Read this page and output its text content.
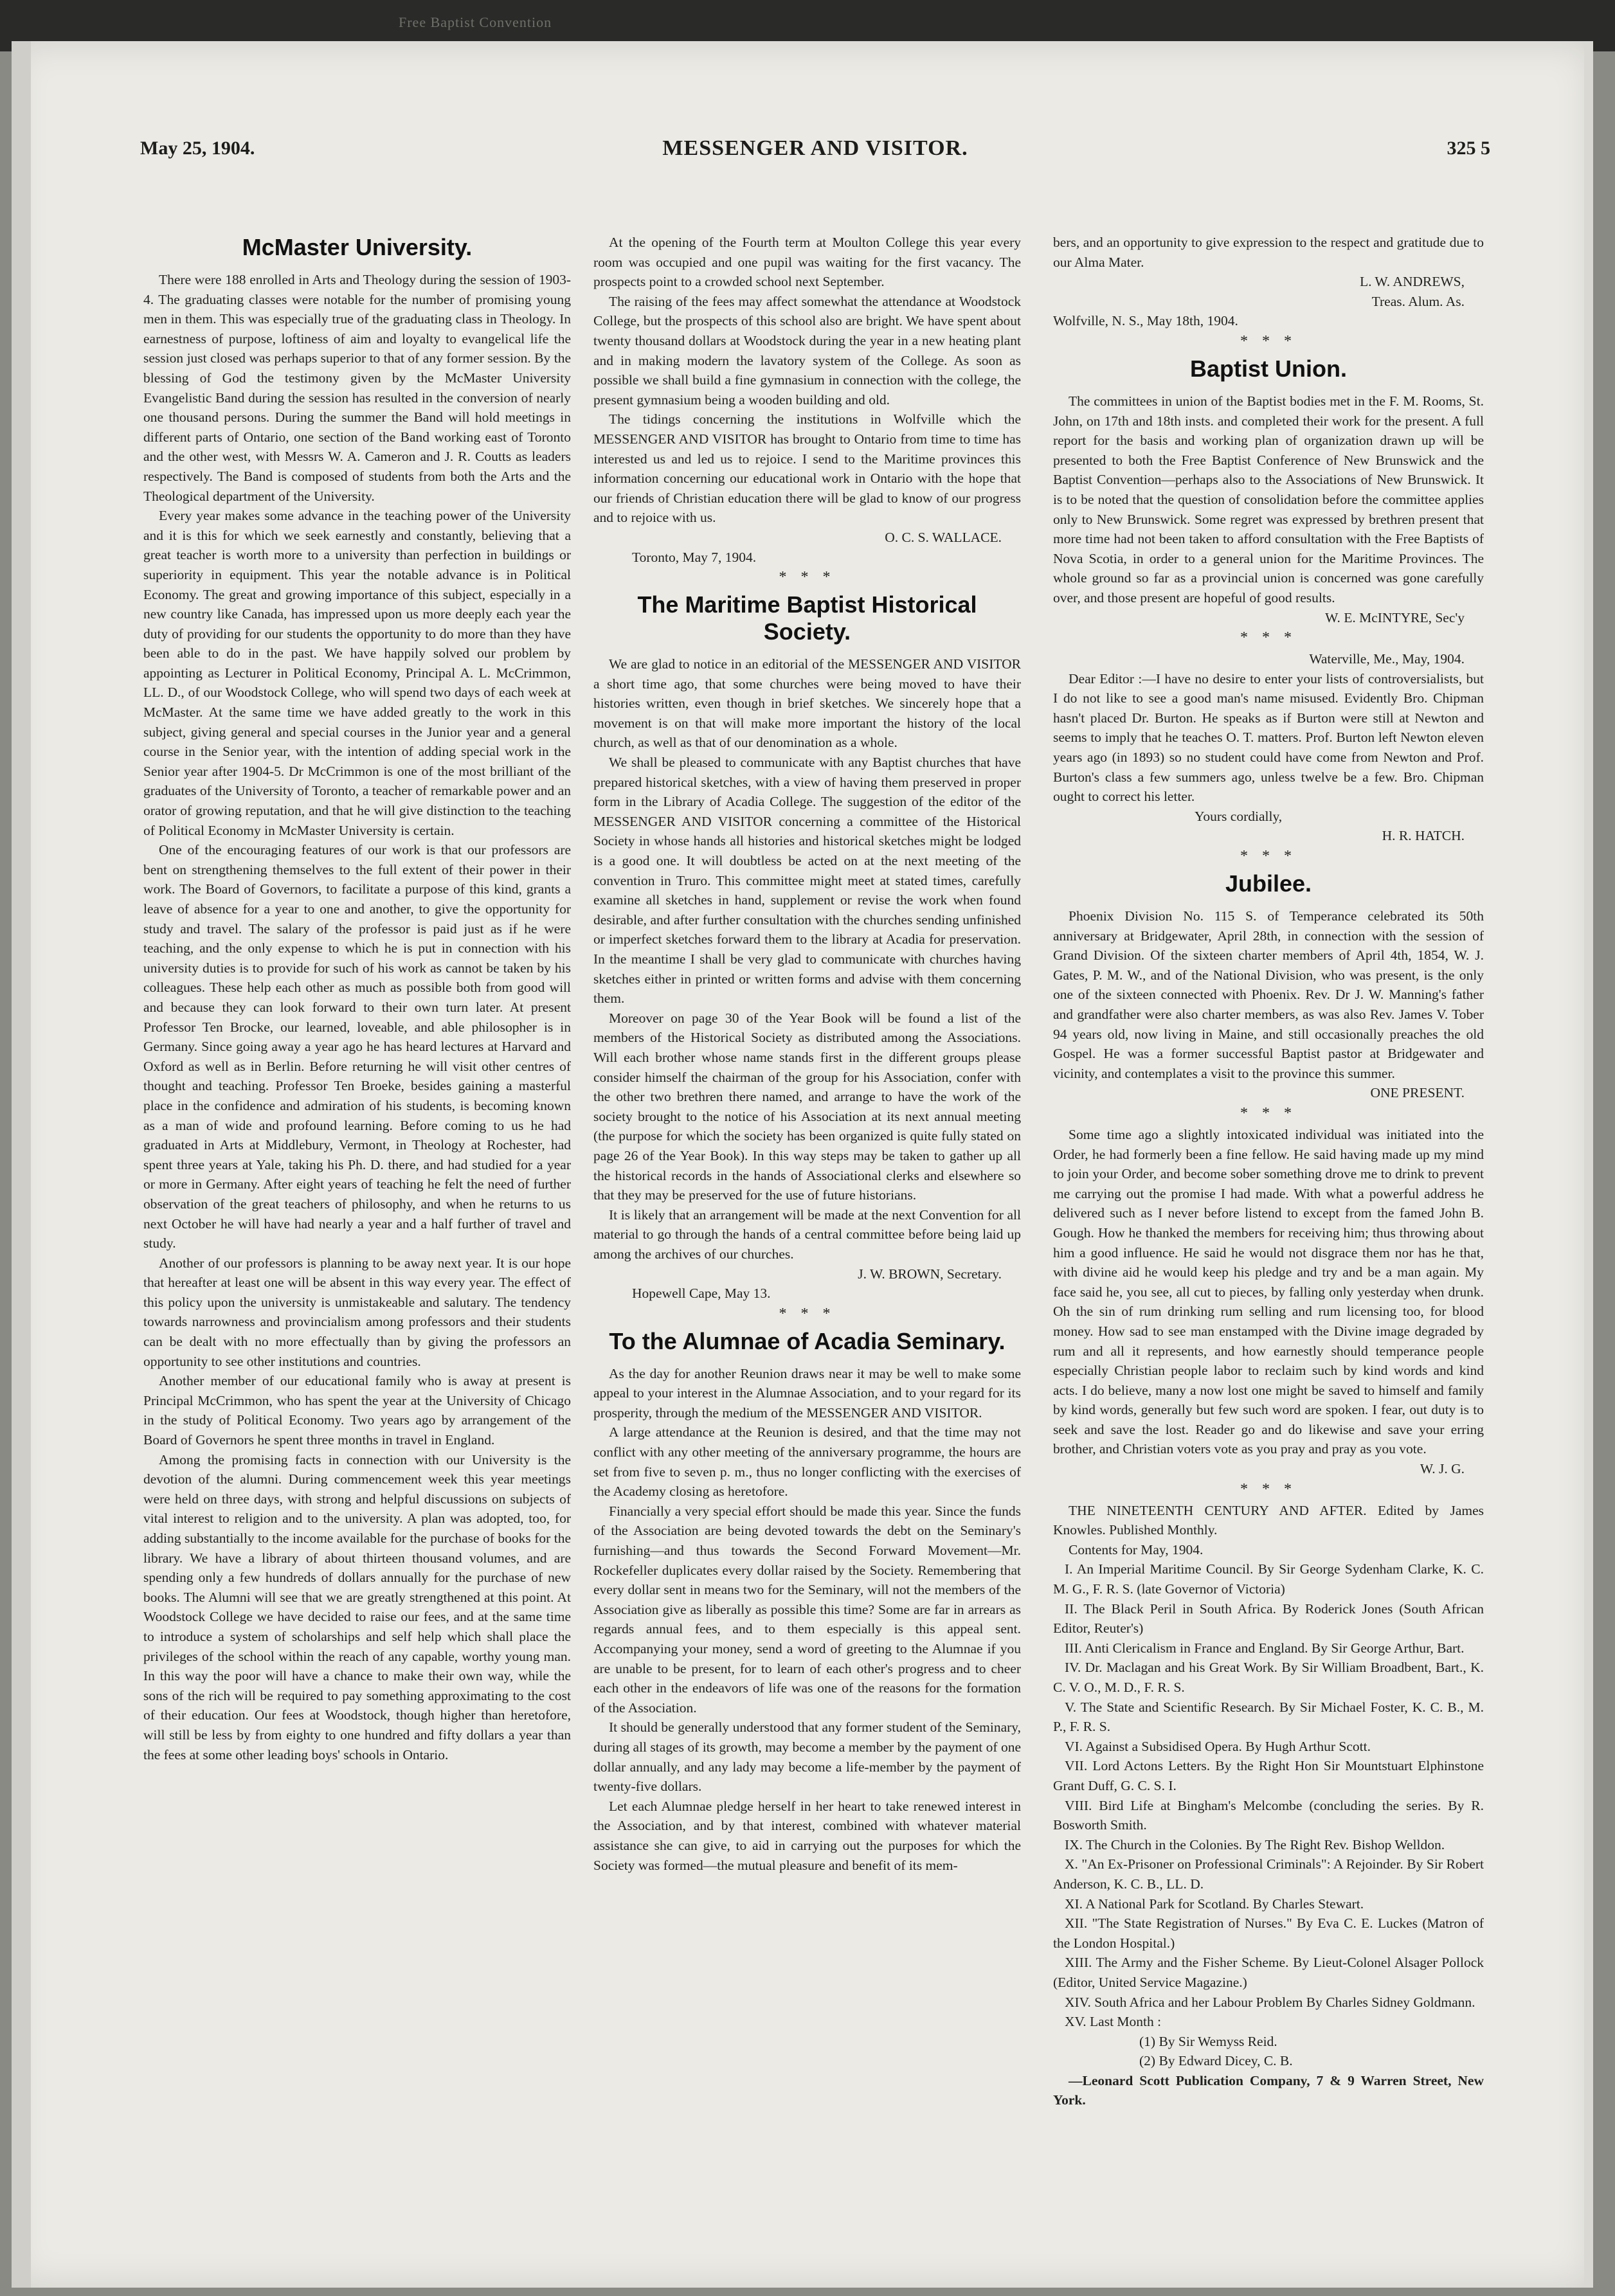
Free Baptist Convention
May 25, 1904.	MESSENGER AND VISITOR.	325 5
McMaster University.

There were 188 enrolled in Arts and Theology during the session of 1903-4. The graduating classes were notable for the number of promising young men in them. This was especially true of the graduating class in Theology. In earnestness of purpose, loftiness of aim and loyalty to evangelical life the session just closed was perhaps superior to that of any former session. By the blessing of God the testimony given by the McMaster University Evangelistic Band during the session has resulted in the conversion of nearly one thousand persons. During the summer the Band will hold meetings in different parts of Ontario, one section of the Band working east of Toronto and the other west, with Messrs W. A. Cameron and J. R. Coutts as leaders respectively. The Band is composed of students from both the Arts and the Theological department of the University.

Every year makes some advance in the teaching power of the University and it is this for which we seek earnestly and constantly, believing that a great teacher is worth more to a university than perfection in buildings or superiority in equipment. This year the notable advance is in Political Economy. The great and growing importance of this subject, especially in a new country like Canada, has impressed upon us more deeply each year the duty of providing for our students the opportunity to do more than they have been able to do in the past. We have happily solved our problem by appointing as Lecturer in Political Economy, Principal A. L. McCrimmon, LL. D., of our Woodstock College, who will spend two days of each week at McMaster. At the same time we have added greatly to the work in this subject, giving general and special courses in the Junior year and a general course in the Senior year, with the intention of adding special work in the Senior year after 1904-5. Dr McCrimmon is one of the most brilliant of the graduates of the University of Toronto, a teacher of remarkable power and an orator of growing reputation, and that he will give distinction to the teaching of Political Economy in McMaster University is certain.

One of the encouraging features of our work is that our professors are bent on strengthening themselves to the full extent of their power in their work. The Board of Governors, to facilitate a purpose of this kind, grants a leave of absence for a year to one and another, to give the opportunity for study and travel. The salary of the professor is paid just as if he were teaching, and the only expense to which he is put in connection with his university duties is to provide for such of his work as cannot be taken by his colleagues. These help each other as much as possible both from good will and because they can look forward to their own turn later. At present Professor Ten Brocke, our learned, loveable, and able philosopher is in Germany. Since going away a year ago he has heard lectures at Harvard and Oxford as well as in Berlin. Before returning he will visit other centres of thought and teaching. Professor Ten Broeke, besides gaining a masterful place in the confidence and admiration of his students, is becoming known as a man of wide and profound learning. Before coming to us he had graduated in Arts at Middlebury, Vermont, in Theology at Rochester, had spent three years at Yale, taking his Ph. D. there, and had studied for a year or more in Germany. After eight years of teaching he felt the need of further observation of the great teachers of philosophy, and when he returns to us next October he will have had nearly a year and a half further of travel and study.

Another of our professors is planning to be away next year. It is our hope that hereafter at least one will be absent in this way every year. The effect of this policy upon the university is unmistakeable and salutary. The tendency towards narrowness and provincialism among professors and their students can be dealt with no more effectually than by giving the professors an opportunity to see other institutions and countries.

Another member of our educational family who is away at present is Principal McCrimmon, who has spent the year at the University of Chicago in the study of Political Economy. Two years ago by arrangement of the Board of Governors he spent three months in travel in England.

Among the promising facts in connection with our University is the devotion of the alumni. During commencement week this year meetings were held on three days, with strong and helpful discussions on subjects of vital interest to religion and to the university. A plan was adopted, too, for adding substantially to the income available for the purchase of books for the library. We have a library of about thirteen thousand volumes, and are spending only a few hundreds of dollars annually for the purchase of new books. The Alumni will see that we are greatly strengthened at this point. At Woodstock College we have decided to raise our fees, and at the same time to introduce a system of scholarships and self help which shall place the privileges of the school within the reach of any capable, worthy young man. In this way the poor will have a chance to make their own way, while the sons of the rich will be required to pay something approximating to the cost of their education. Our fees at Woodstock, though higher than heretofore, will still be less by from eighty to one hundred and fifty dollars a year than the fees at some other leading boys' schools in Ontario.

At the opening of the Fourth term at Moulton College this year every room was occupied and one pupil was waiting for the first vacancy. The prospects point to a crowded school next September.

The raising of the fees may affect somewhat the attendance at Woodstock College, but the prospects of this school also are bright. We have spent about twenty thousand dollars at Woodstock during the year in a new heating plant and in making modern the lavatory system of the College. As soon as possible we shall build a fine gymnasium in connection with the college, the present gymnasium being a wooden building and old.

The tidings concerning the institutions in Wolfville which the MESSENGER AND VISITOR has brought to Ontario from time to time has interested us and led us to rejoice. I send to the Maritime provinces this information concerning our educational work in Ontario with the hope that our friends of Christian education there will be glad to know of our progress and to rejoice with us.

O. C. S. WALLACE.

Toronto, May 7, 1904.

* * *
The Maritime Baptist Historical Society.

We are glad to notice in an editorial of the MESSENGER AND VISITOR a short time ago, that some churches were being moved to have their histories written, even though in brief sketches. We sincerely hope that a movement is on that will make more important the history of the local church, as well as that of our denomination as a whole.

We shall be pleased to communicate with any Baptist churches that have prepared historical sketches, with a view of having them preserved in proper form in the Library of Acadia College. The suggestion of the editor of the MESSENGER AND VISITOR concerning a committee of the Historical Society in whose hands all histories and historical sketches might be lodged is a good one. It will doubtless be acted on at the next meeting of the convention in Truro. This committee might meet at stated times, carefully examine all sketches in hand, supplement or revise the work when found desirable, and after further consultation with the churches sending unfinished or imperfect sketches forward them to the library at Acadia for preservation. In the meantime I shall be very glad to communicate with churches having sketches either in printed or written forms and advise with them concerning them.

Moreover on page 30 of the Year Book will be found a list of the members of the Historical Society as distributed among the Associations. Will each brother whose name stands first in the different groups please consider himself the chairman of the group for his Association, confer with the other two brethren there named, and arrange to have the work of the society brought to the notice of his Association at its next annual meeting (the purpose for which the society has been organized is quite fully stated on page 26 of the Year Book). In this way steps may be taken to gather up all the historical records in the hands of Associational clerks and elsewhere so that they may be preserved for the use of future historians.

It is likely that an arrangement will be made at the next Convention for all material to go through the hands of a central committee before being laid up among the archives of our churches.

J. W. BROWN, Secretary.

Hopewell Cape, May 13.

* * *
To the Alumnae of Acadia Seminary.

As the day for another Reunion draws near it may be well to make some appeal to your interest in the Alumnae Association, and to your regard for its prosperity, through the medium of the MESSENGER AND VISITOR.

A large attendance at the Reunion is desired, and that the time may not conflict with any other meeting of the anniversary programme, the hours are set from five to seven p. m., thus no longer conflicting with the exercises of the Academy closing as heretofore.

Financially a very special effort should be made this year. Since the funds of the Association are being devoted towards the debt on the Seminary's furnishing—and thus towards the Second Forward Movement—Mr. Rockefeller duplicates every dollar raised by the Society. Remembering that every dollar sent in means two for the Seminary, will not the members of the Association give as liberally as possible this time? Some are far in arrears as regards annual fees, and to them especially is this appeal sent. Accompanying your money, send a word of greeting to the Alumnae if you are unable to be present, for to learn of each other's progress and to cheer each other in the endeavors of life was one of the reasons for the formation of the Association.

It should be generally understood that any former student of the Seminary, during all stages of its growth, may become a member by the payment of one dollar annually, and any lady may become a life-member by the payment of twenty-five dollars.

Let each Alumnae pledge herself in her heart to take renewed interest in the Association, and by that interest, combined with whatever material assistance she can give, to aid in carrying out the purposes for which the Society was formed—the mutual pleasure and benefit of its mem-

bers, and an opportunity to give expression to the respect and gratitude due to our Alma Mater.

L. W. ANDREWS,

Treas. Alum. As.

Wolfville, N. S., May 18th, 1904.

* * *
Baptist Union.

The committees in union of the Baptist bodies met in the F. M. Rooms, St. John, on 17th and 18th insts. and completed their work for the present. A full report for the basis and working plan of organization drawn up will be presented to both the Free Baptist Conference of New Brunswick and the Baptist Convention—perhaps also to the Associations of New Brunswick. It is to be noted that the question of consolidation before the committee applies only to New Brunswick. Some regret was expressed by brethren present that more time had not been taken to afford consultation with the Free Baptists of Nova Scotia, in order to a general union for the Maritime Provinces. The whole ground so far as a provincial union is concerned was gone carefully over, and those present are hopeful of good results.

W. E. McINTYRE, Sec'y

* * *

Waterville, Me., May, 1904.

Dear Editor :—I have no desire to enter your lists of controversialists, but I do not like to see a good man's name misused. Evidently Bro. Chipman hasn't placed Dr. Burton. He speaks as if Burton were still at Newton and seems to imply that he teaches O. T. matters. Prof. Burton left Newton eleven years ago (in 1893) so no student could have come from Newton and Prof. Burton's class a few summers ago, unless twelve be a few. Bro. Chipman ought to correct his letter.

Yours cordially,

H. R. HATCH.

* * *
Jubilee.

Phoenix Division No. 115 S. of Temperance celebrated its 50th anniversary at Bridgewater, April 28th, in connection with the session of Grand Division. Of the sixteen charter members of April 4th, 1854, W. J. Gates, P. M. W., and of the National Division, who was present, is the only one of the sixteen connected with Phoenix. Rev. Dr J. W. Manning's father and grandfather were also charter members, as was also Rev. James V. Tober 94 years old, now living in Maine, and still occasionally preaches the old Gospel. He was a former successful Baptist pastor at Bridgewater and vicinity, and contemplates a visit to the province this summer.

ONE PRESENT.

* * *

Some time ago a slightly intoxicated individual was initiated into the Order, he had formerly been a fine fellow. He said having made up my mind to join your Order, and become sober something drove me to drink to prevent me carrying out the promise I had made. With what a powerful address he delivered such as I never before listend to except from the famed John B. Gough. How he thanked the members for receiving him; thus throwing about him a good influence. He said he would not disgrace them nor has he that, with divine aid he would keep his pledge and try and be a man again. My face said he, you see, all cut to pieces, by falling only yesterday when drunk. Oh the sin of rum drinking rum selling and rum licensing too, for blood money. How sad to see man enstamped with the Divine image degraded by rum and all it represents, and how earnestly should temperance people especially Christian people labor to reclaim such by kind words and kind acts. I do believe, many a now lost one might be saved to himself and family by kind words, generally but few such word are spoken. I fear, out duty is to seek and save the lost. Reader go and do likewise and save your erring brother, and Christian voters vote as you pray and pray as you vote.

W. J. G.

* * *

THE NINETEENTH CENTURY AND AFTER. Edited by James Knowles. Published Monthly.

Contents for May, 1904.

I. An Imperial Maritime Council. By Sir George Sydenham Clarke, K. C. M. G., F. R. S. (late Governor of Victoria)
II. The Black Peril in South Africa. By Roderick Jones (South African Editor, Reuter's)
III. Anti Clericalism in France and England. By Sir George Arthur, Bart.
IV. Dr. Maclagan and his Great Work. By Sir William Broadbent, Bart., K. C. V. O., M. D., F. R. S.
V. The State and Scientific Research. By Sir Michael Foster, K. C. B., M. P., F. R. S.
VI. Against a Subsidised Opera. By Hugh Arthur Scott.
VII. Lord Actons Letters. By the Right Hon Sir Mountstuart Elphinstone Grant Duff, G. C. S. I.
VIII. Bird Life at Bingham's Melcombe (concluding the series. By R. Bosworth Smith.
IX. The Church in the Colonies. By The Right Rev. Bishop Welldon.
X. "An Ex-Prisoner on Professional Criminals": A Rejoinder. By Sir Robert Anderson, K. C. B., LL. D.
XI. A National Park for Scotland. By Charles Stewart.
XII. "The State Registration of Nurses." By Eva C. E. Luckes (Matron of the London Hospital.)
XIII. The Army and the Fisher Scheme. By Lieut-Colonel Alsager Pollock (Editor, United Service Magazine.)
XIV. South Africa and her Labour Problem By Charles Sidney Goldmann.
XV. Last Month :

(1) By Sir Wemyss Reid.

(2) By Edward Dicey, C. B.

—Leonard Scott Publication Company, 7 & 9 Warren Street, New York.
